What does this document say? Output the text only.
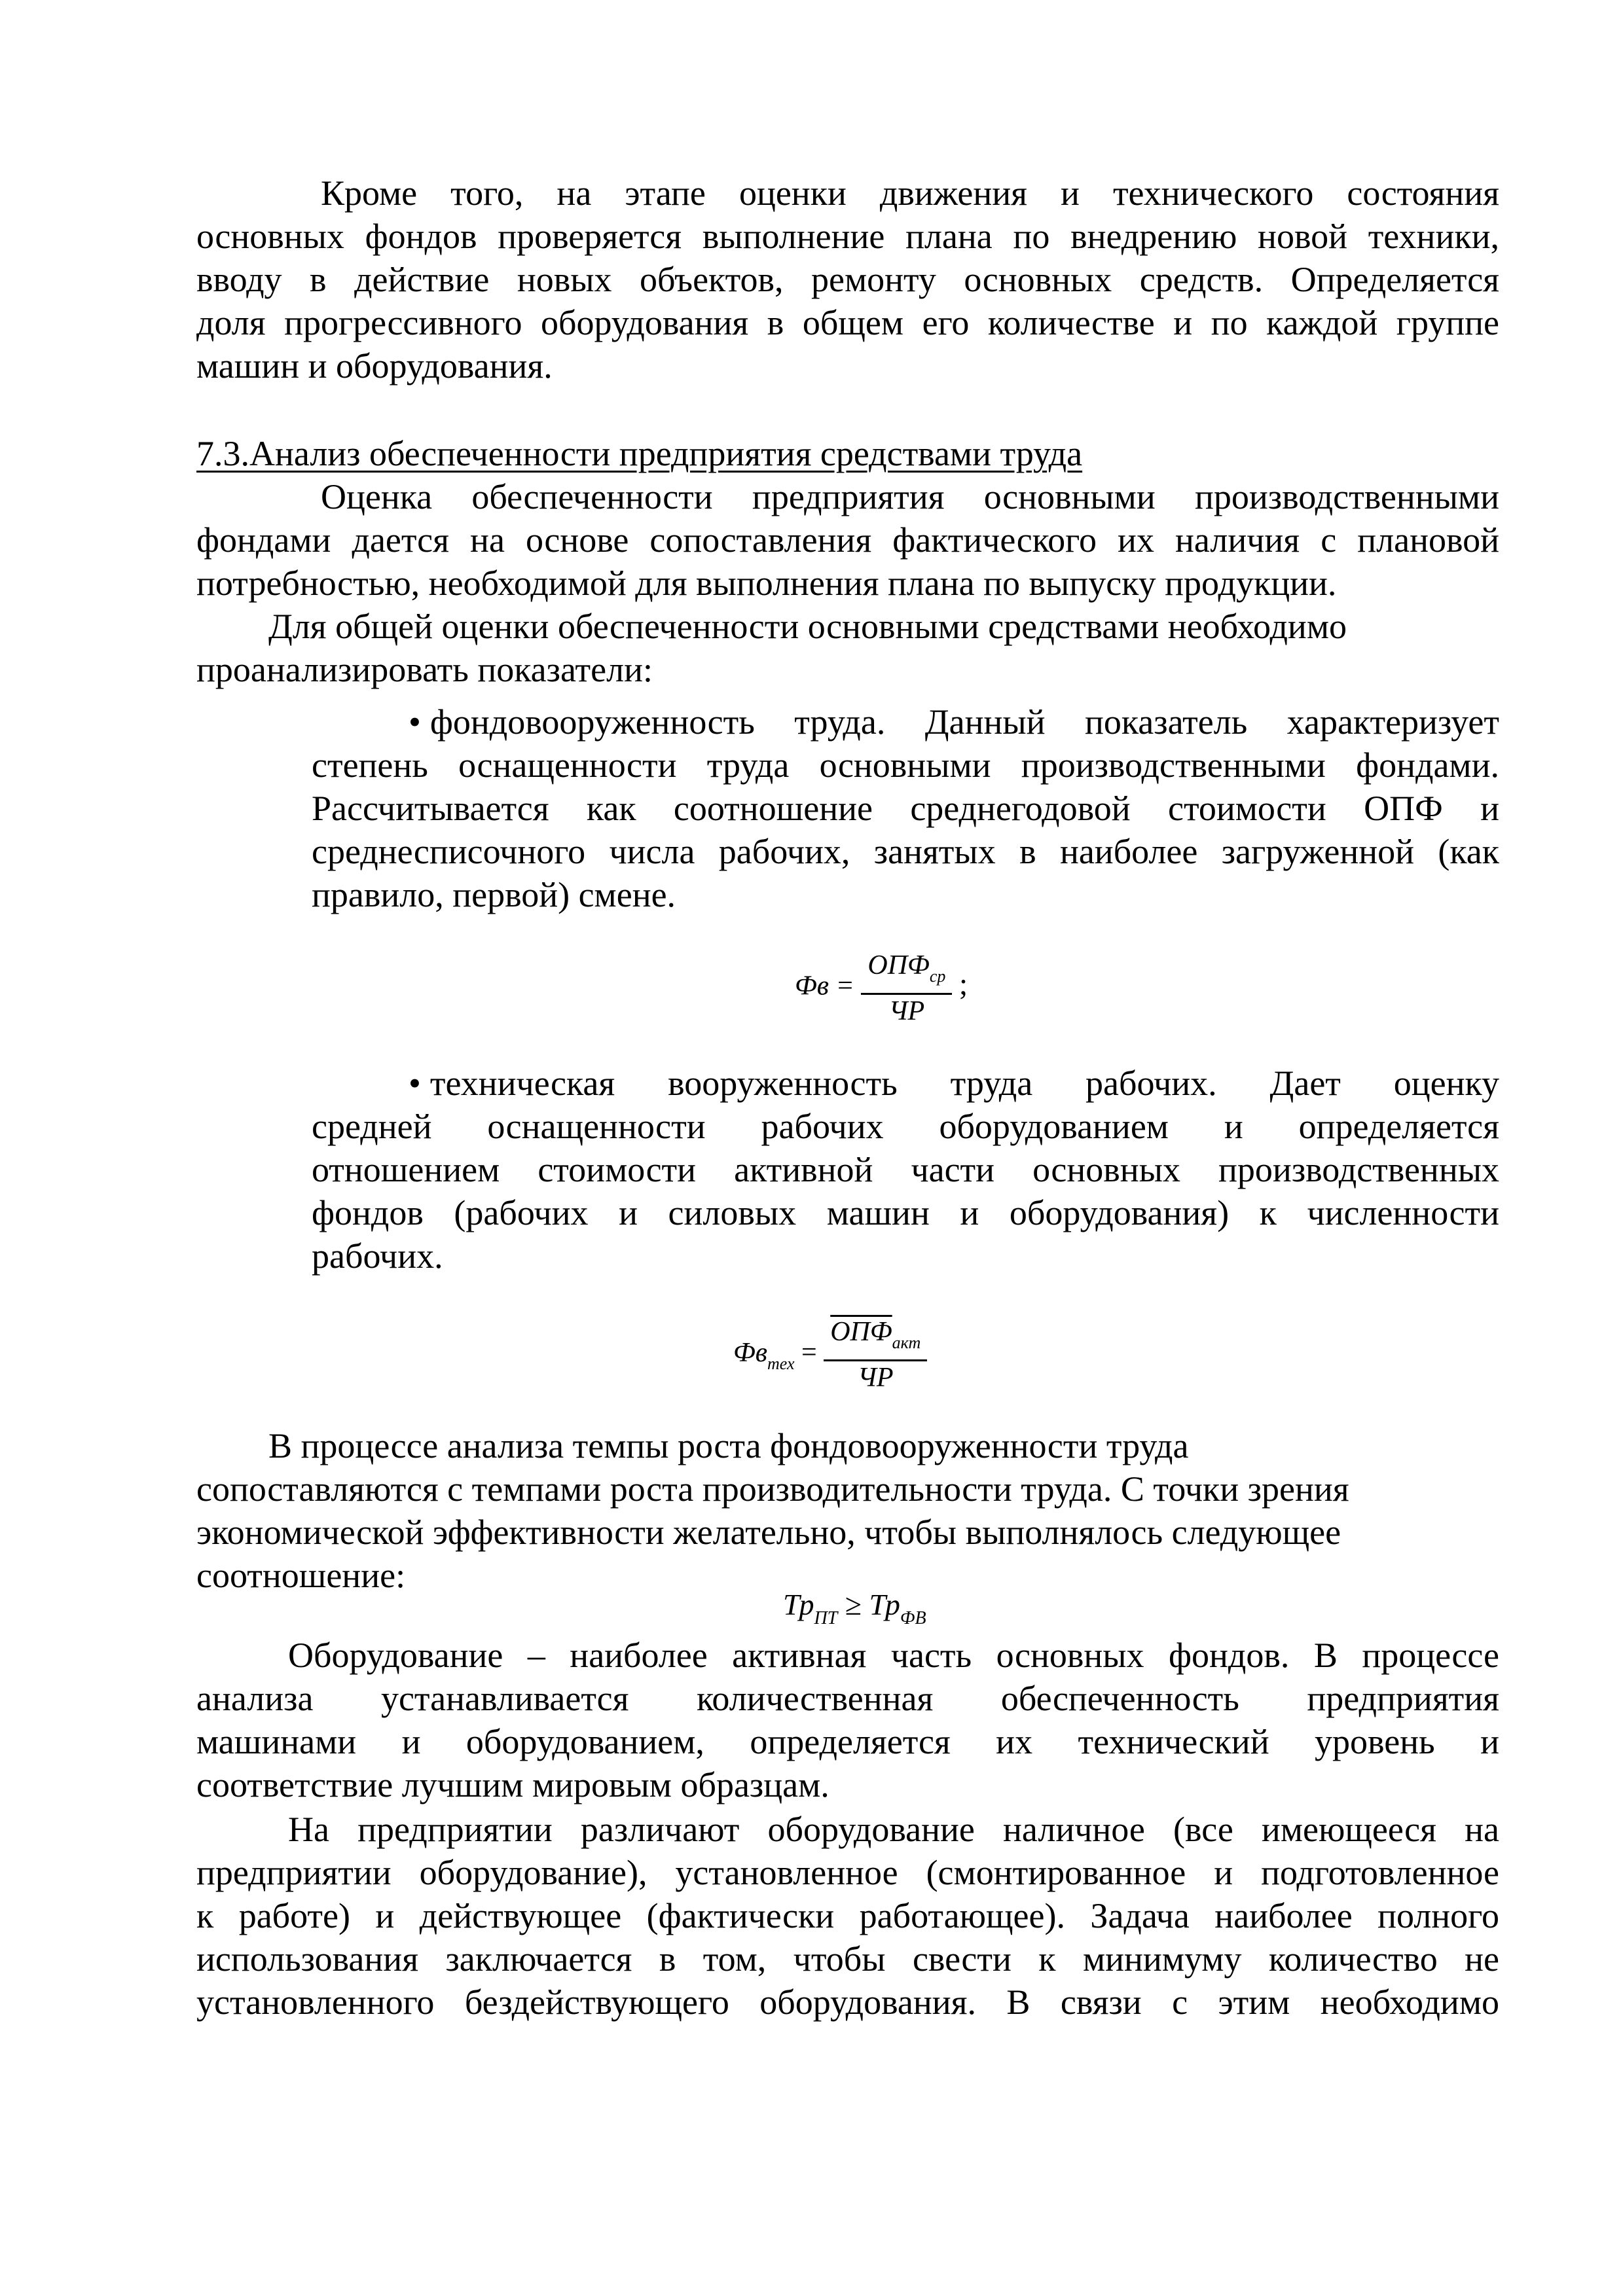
Кроме того, на этапе оценки движения и технического состояния
основных фондов проверяется выполнение плана по внедрению новой техники,
вводу в действие новых объектов, ремонту основных средств. Определяется
доля прогрессивного оборудования в общем его количестве и по каждой группе
машин и оборудования.
7.3.Анализ обеспеченности предприятия средствами труда
Оценка обеспеченности предприятия основными производственными
фондами дается на основе сопоставления фактического их наличия с плановой
потребностью, необходимой для выполнения плана по выпуску продукции.
Для общей оценки обеспеченности основными средствами необходимо
проанализировать показатели:
• фондовооруженность труда. Данный показатель характеризует
степень оснащенности труда основными производственными фондами.
Рассчитывается как соотношение среднегодовой стоимости ОПФ и
среднесписочного числа рабочих, занятых в наиболее загруженной (как
правило, первой) смене.
Фв = $\frac{ОПФ_{ср}}{ЧР}$ ;
• техническая вооруженность труда рабочих. Дает оценку
средней оснащенности рабочих оборудованием и определяется
отношением стоимости активной части основных производственных
фондов (рабочих и силовых машин и оборудования) к численности
рабочих.
$Фв_{тех} = \frac{ОПФ_{акт}}{ЧР}$
В процессе анализа темпы роста фондовооруженности труда
сопоставляются с темпами роста производительности труда. С точки зрения
экономической эффективности желательно, чтобы выполнялось следующее
соотношение:
$Тр_{ПТ} \ge Тр_{ФВ}$
Оборудование – наиболее активная часть основных фондов. В процессе
анализа устанавливается количественная обеспеченность предприятия
машинами и оборудованием, определяется их технический уровень и
соответствие лучшим мировым образцам.
На предприятии различают оборудование наличное (все имеющееся на
предприятии оборудование), установленное (смонтированное и подготовленное
к работе) и действующее (фактически работающее). Задача наиболее полного
использования заключается в том, чтобы свести к минимуму количество не
установленного бездействующего оборудования. В связи с этим необходимо
